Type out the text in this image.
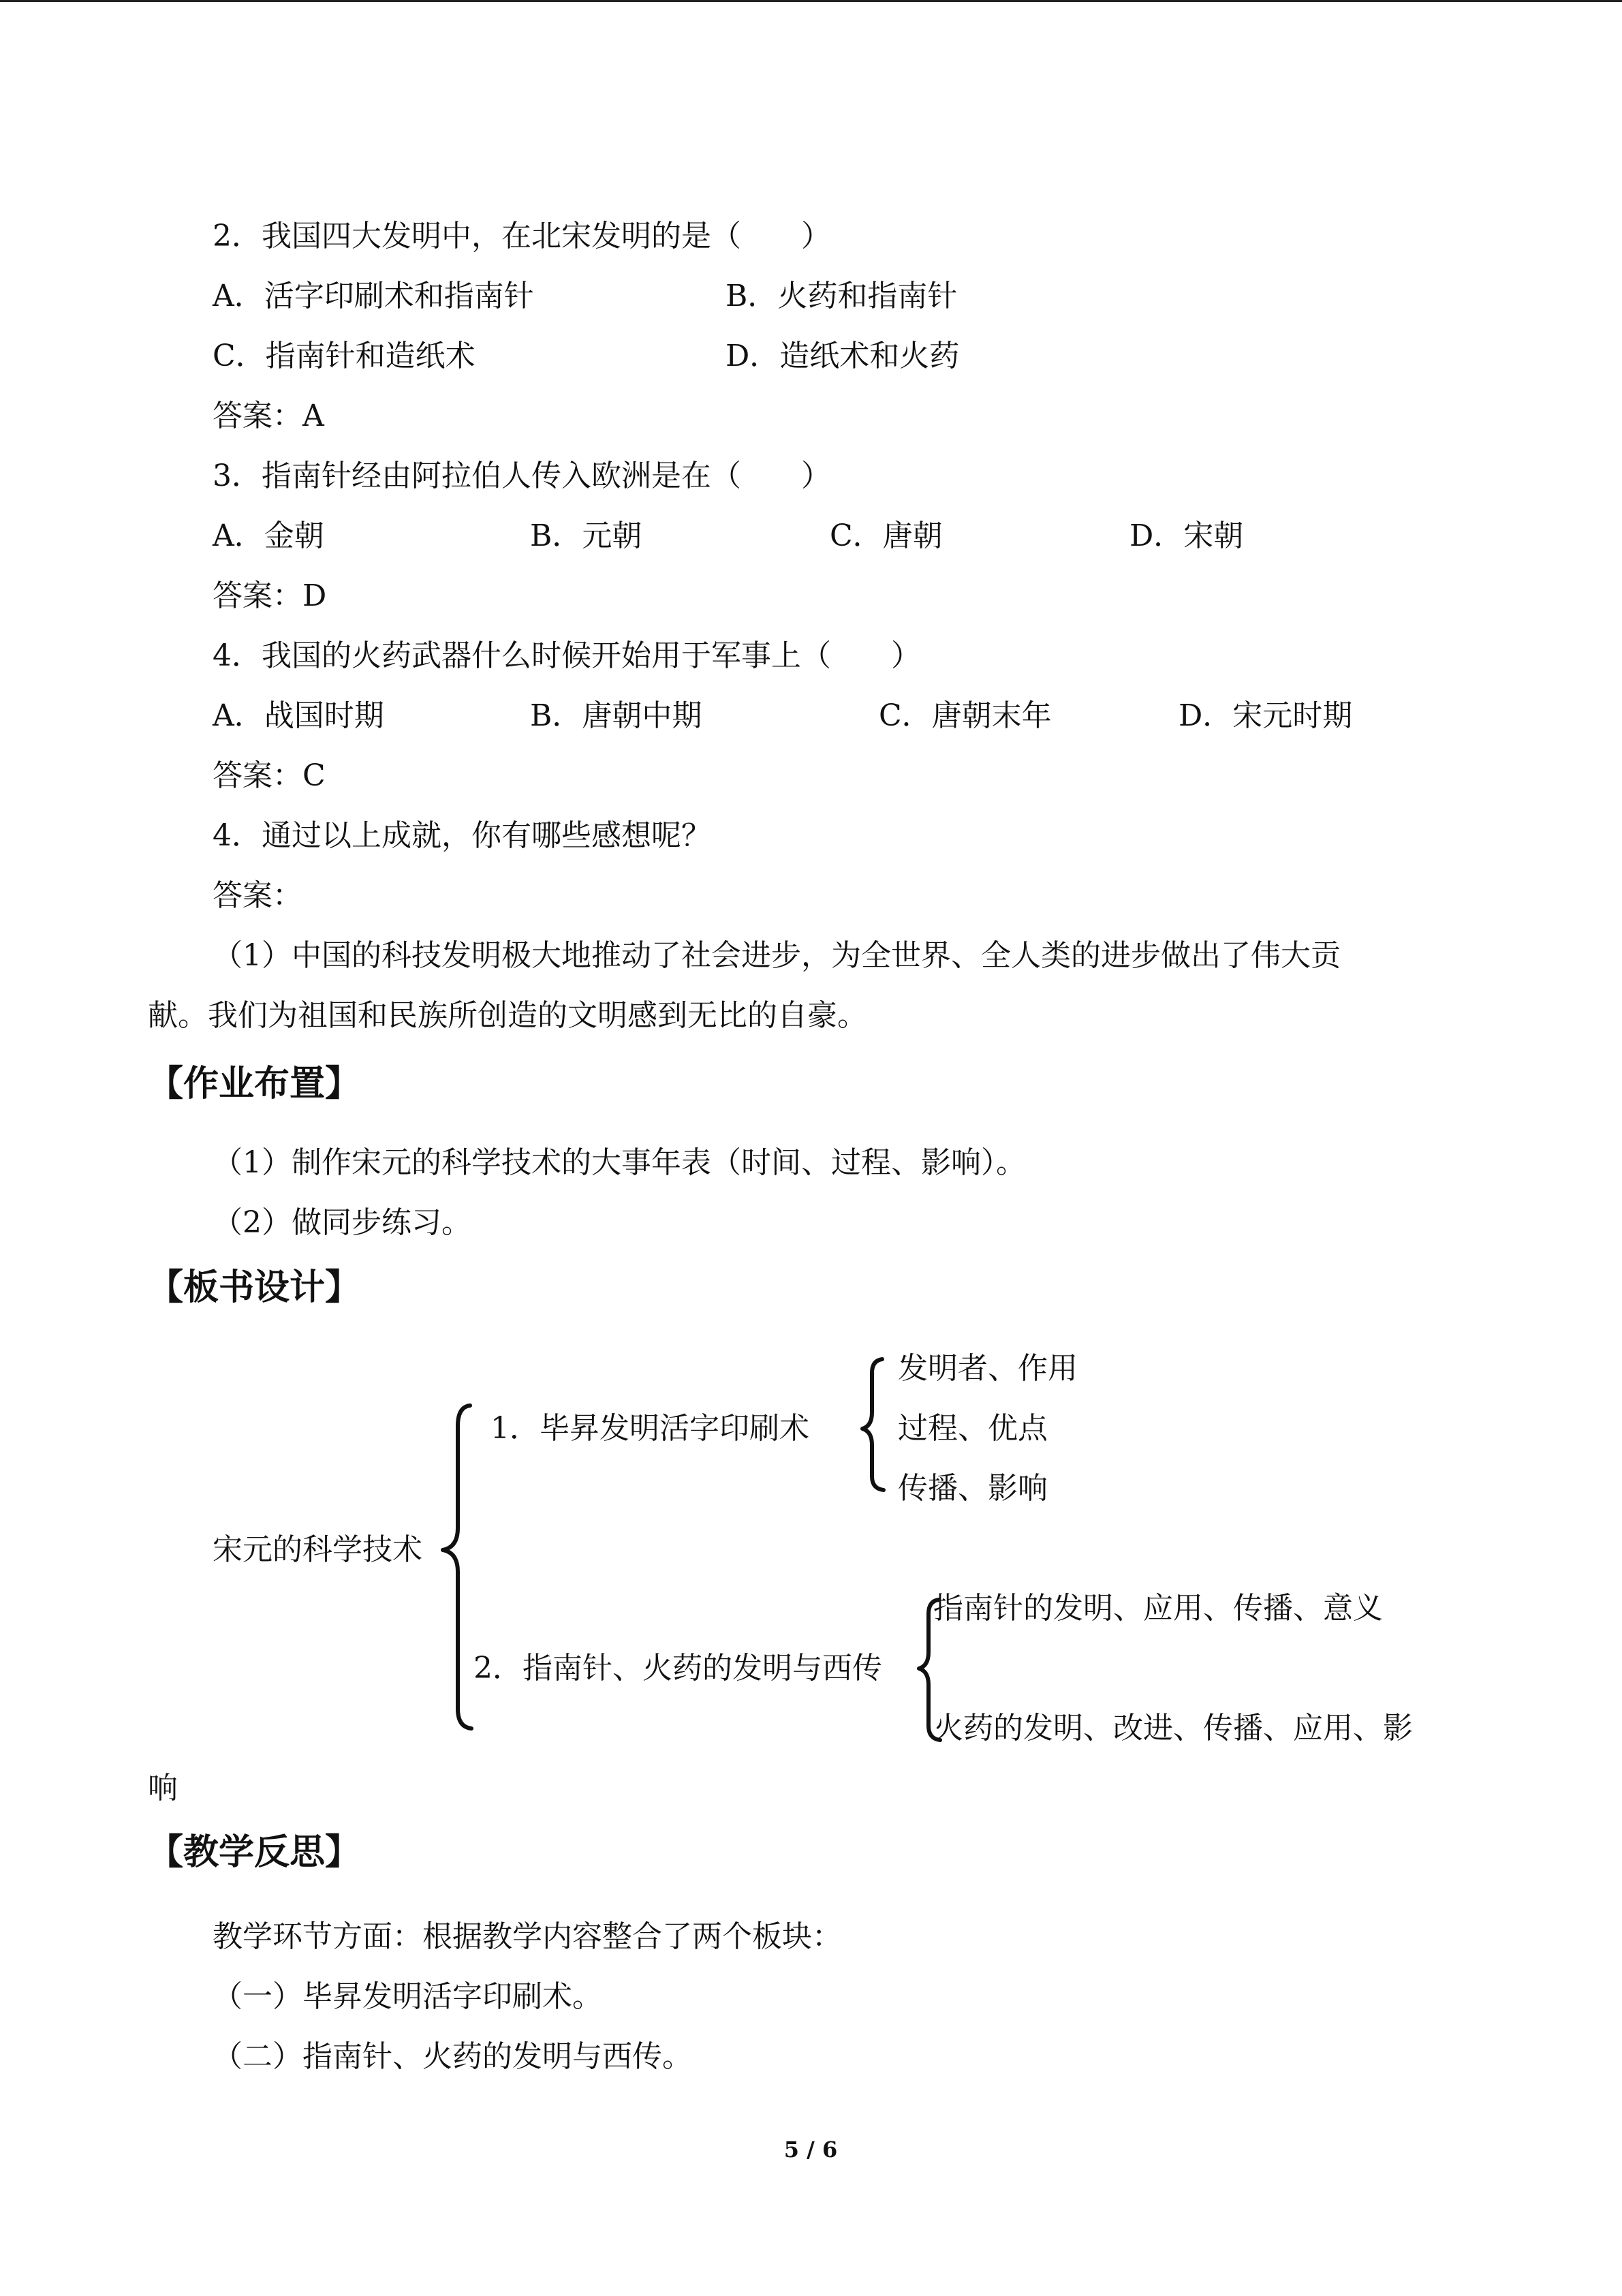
2．我国四大发明中，在北宋发明的是（　　）
A．活字印刷术和指南针	B．火药和指南针
C．指南针和造纸术	D．造纸术和火药
答案：A
3．指南针经由阿拉伯人传入欧洲是在（　　）
A．金朝	B．元朝	C．唐朝	D．宋朝
答案：D
4．我国的火药武器什么时候开始用于军事上（　　）
A．战国时期	B．唐朝中期	C．唐朝末年	D．宋元时期
答案：C
4．通过以上成就，你有哪些感想呢？
答案：
（1）中国的科技发明极大地推动了社会进步，为全世界、全人类的进步做出了伟大贡
献。我们为祖国和民族所创造的文明感到无比的自豪。
【作业布置】
（1）制作宋元的科学技术的大事年表（时间、过程、影响）。
（2）做同步练习。
【板书设计】
宋元的科学技术
1．毕昇发明活字印刷术
发明者、作用
过程、优点
传播、影响
2．指南针、火药的发明与西传
指南针的发明、应用、传播、意义
火药的发明、改进、传播、应用、影
响
【教学反思】
教学环节方面：根据教学内容整合了两个板块：
（一）毕昇发明活字印刷术。
（二）指南针、火药的发明与西传。
5 / 6
